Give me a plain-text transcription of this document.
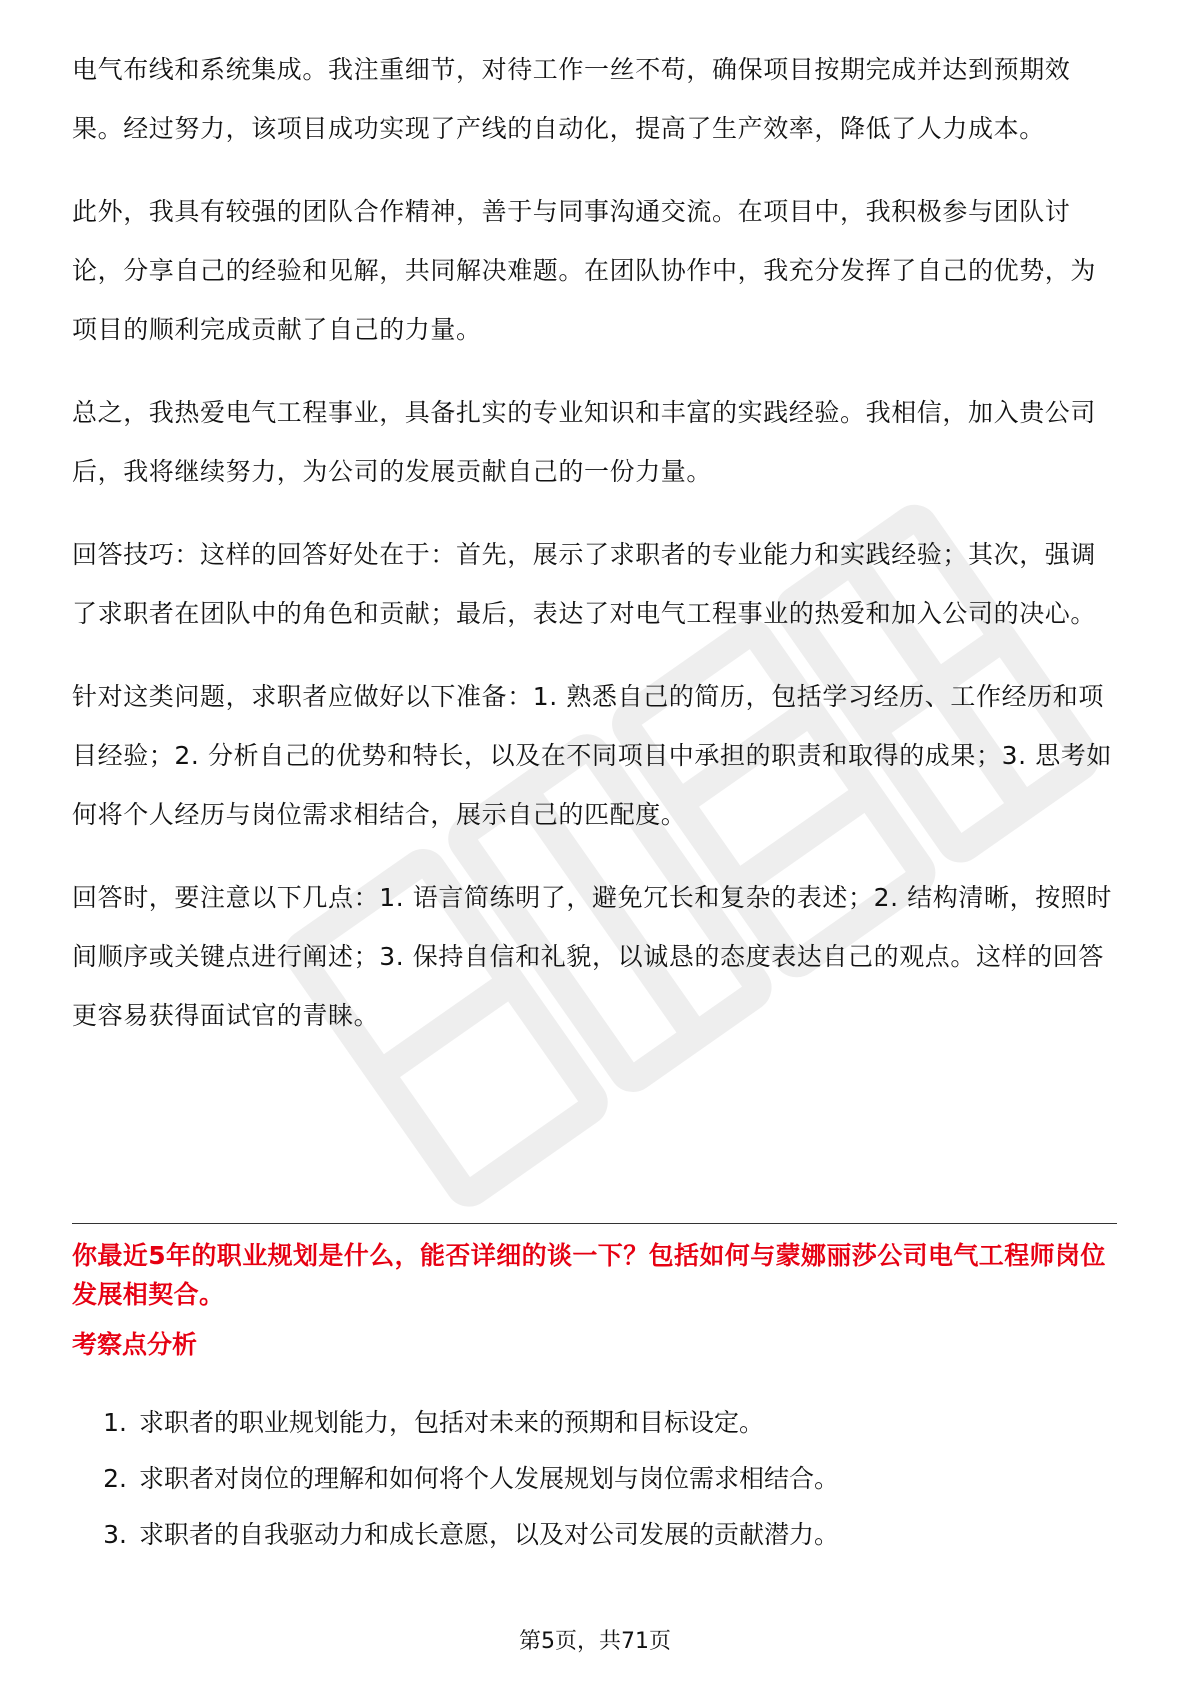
电气布线和系统集成。我注重细节，对待工作一丝不苟，确保项目按期完成并达到预期效果。经过努力，该项目成功实现了产线的自动化，提高了生产效率，降低了人力成本。

此外，我具有较强的团队合作精神，善于与同事沟通交流。在项目中，我积极参与团队讨论，分享自己的经验和见解，共同解决难题。在团队协作中，我充分发挥了自己的优势，为项目的顺利完成贡献了自己的力量。

总之，我热爱电气工程事业，具备扎实的专业知识和丰富的实践经验。我相信，加入贵公司后，我将继续努力，为公司的发展贡献自己的一份力量。

回答技巧：这样的回答好处在于：首先，展示了求职者的专业能力和实践经验；其次，强调了求职者在团队中的角色和贡献；最后，表达了对电气工程事业的热爱和加入公司的决心。

针对这类问题，求职者应做好以下准备：1. 熟悉自己的简历，包括学习经历、工作经历和项目经验；2. 分析自己的优势和特长，以及在不同项目中承担的职责和取得的成果；3. 思考如何将个人经历与岗位需求相结合，展示自己的匹配度。

回答时，要注意以下几点：1. 语言简练明了，避免冗长和复杂的表述；2. 结构清晰，按照时间顺序或关键点进行阐述；3. 保持自信和礼貌，以诚恳的态度表达自己的观点。这样的回答更容易获得面试官的青睐。

你最近5年的职业规划是什么，能否详细的谈一下？包括如何与蒙娜丽莎公司电气工程师岗位发展相契合。
考察点分析
1. 求职者的职业规划能力，包括对未来的预期和目标设定。
2. 求职者对岗位的理解和如何将个人发展规划与岗位需求相结合。
3. 求职者的自我驱动力和成长意愿，以及对公司发展的贡献潜力。
第5页，共71页
